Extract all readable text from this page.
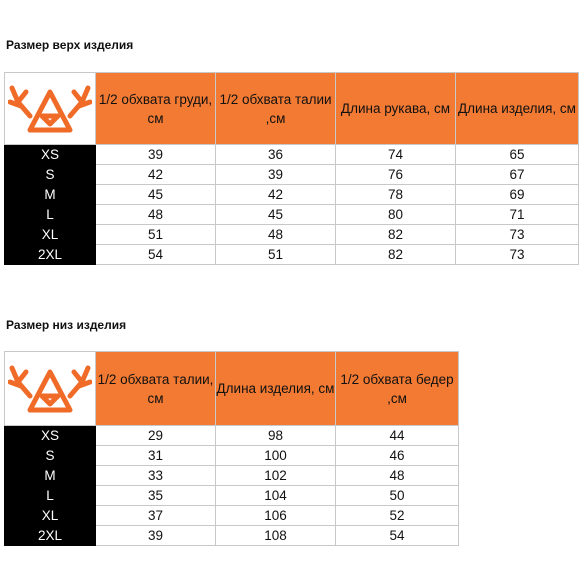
Размер верх изделия
	1/2 обхвата груди, см	1/2 обхвата талии ,см	Длина рукава, см	Длина изделия, см
XS	39	36	74	65
S	42	39	76	67
M	45	42	78	69
L	48	45	80	71
XL	51	48	82	73
2XL	54	51	82	73
Размер низ изделия
	1/2 обхвата талии, см	Длина изделия, см	1/2 обхвата бедер ,см
XS	29	98	44
S	31	100	46
M	33	102	48
L	35	104	50
XL	37	106	52
2XL	39	108	54
